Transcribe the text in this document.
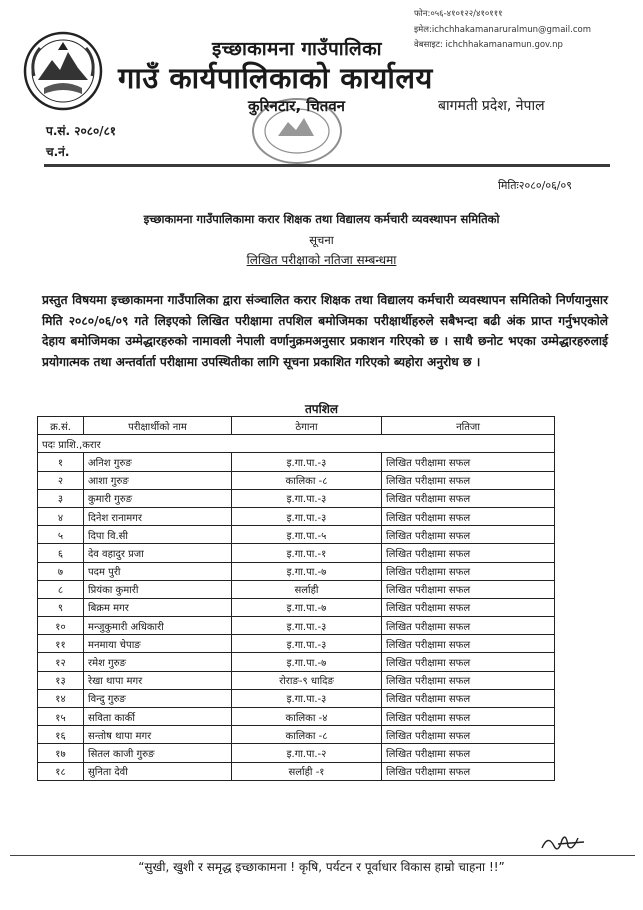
फोन:०५६-४१०१२२/४१०१११
इमेल:ichchhakamanaruralmun@gmail.com
वेबसाइट: ichchhakamanamun.gov.np
इच्छाकामना गाउँपालिका
गाउँ कार्यपालिकाको कार्यालय
कुरिनटार, चितवन	बागमती प्रदेश, नेपाल
प.सं. २०८०/८१
च.नं.
मितिः२०८०/०६/०९
इच्छाकामना गाउँपालिकामा करार शिक्षक तथा विद्यालय कर्मचारी व्यवस्थापन समितिको
सूचना
लिखित परीक्षाको नतिजा सम्बन्धमा
प्रस्तुत विषयमा इच्छाकामना गाउँपालिका द्वारा संञ्चालित करार शिक्षक तथा विद्यालय कर्मचारी व्यवस्थापन समितिको निर्णयानुसार मिति २०८०/०६/०९ गते लिइएको लिखित परीक्षामा तपशिल बमोजिमका परीक्षार्थीहरुले सबैभन्दा बढी अंक प्राप्त गर्नुभएकोले देहाय बमोजिमका उम्मेद्धारहरुको नामावली नेपाली वर्णानुक्रमअनुसार प्रकाशन गरिएको छ । साथै छनोट भएका उम्मेद्धारहरुलाई प्रयोगात्मक तथा अन्तर्वार्ता परीक्षामा उपस्थितीका लागि सूचना प्रकाशित गरिएको ब्यहोरा अनुरोध छ ।
तपशिल
क्र.सं.	परीक्षार्थीको नाम	ठेगाना	नतिजा
पदः प्राशि.,करार			
१	अनिश गुरुङ	इ.गा.पा.-३	लिखित परीक्षामा सफल
२	आशा गुरुङ	कालिका -८	लिखित परीक्षामा सफल
३	कुमारी गुरुङ	इ.गा.पा.-३	लिखित परीक्षामा सफल
४	दिनेश रानामगर	इ.गा.पा.-३	लिखित परीक्षामा सफल
५	दिपा वि.सी	इ.गा.पा.-५	लिखित परीक्षामा सफल
६	देव वहादुर प्रजा	इ.गा.पा.-१	लिखित परीक्षामा सफल
७	पदम पुरी	इ.गा.पा.-७	लिखित परीक्षामा सफल
८	प्रियंका कुमारी	सर्लाही	लिखित परीक्षामा सफल
९	बिक्रम मगर	इ.गा.पा.-७	लिखित परीक्षामा सफल
१०	मन्जुकुमारी अधिकारी	इ.गा.पा.-३	लिखित परीक्षामा सफल
११	मनमाया चेपाङ	इ.गा.पा.-३	लिखित परीक्षामा सफल
१२	रमेश गुरुङ	इ.गा.पा.-७	लिखित परीक्षामा सफल
१३	रेखा थापा मगर	रोराङ-९ धादिङ	लिखित परीक्षामा सफल
१४	विन्दु गुरुङ	इ.गा.पा.-३	लिखित परीक्षामा सफल
१५	सविता कार्की	कालिका -४	लिखित परीक्षामा सफल
१६	सन्तोष थापा मगर	कालिका -८	लिखित परीक्षामा सफल
१७	सितल काजी गुरुङ	इ.गा.पा.-२	लिखित परीक्षामा सफल
१८	सुनिता देवी	सर्लाही -१	लिखित परीक्षामा सफल
“सुखी, खुशी र समृद्ध इच्छाकामना ! कृषि, पर्यटन र पूर्वाधार विकास हाम्रो चाहना !!”
